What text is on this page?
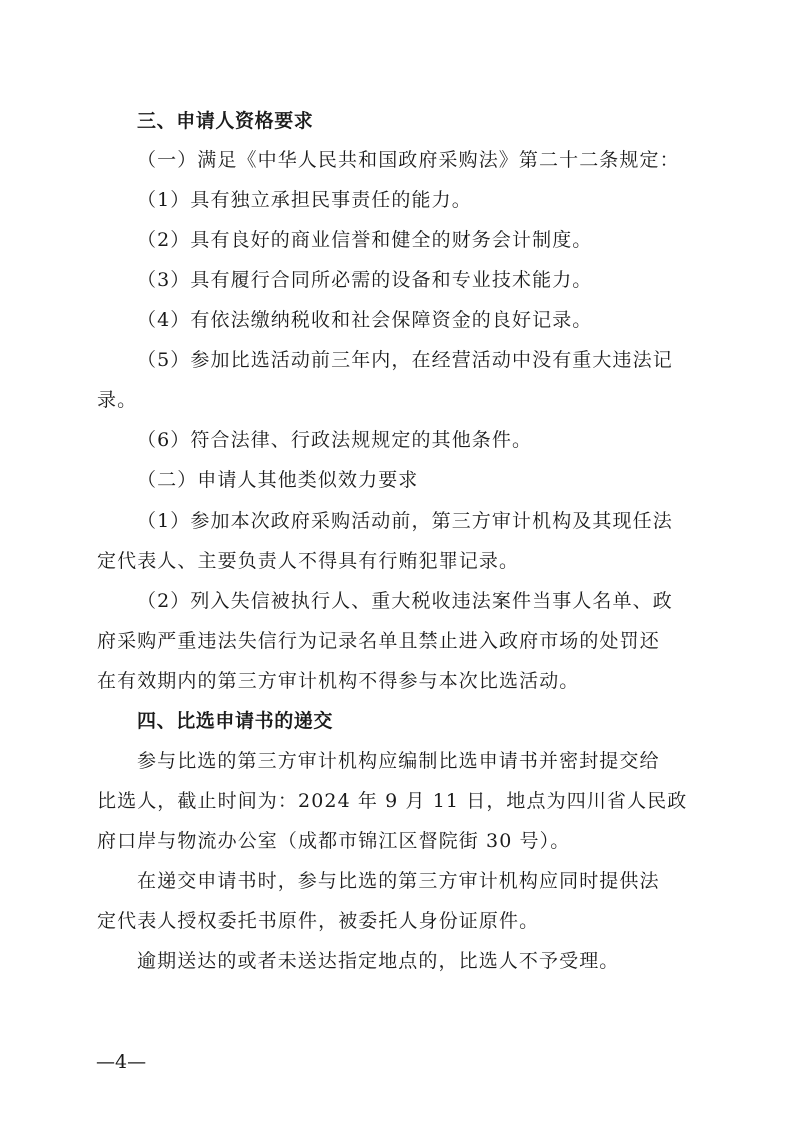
三、申请人资格要求
（一）满足《中华人民共和国政府采购法》第二十二条规定：
（1）具有独立承担民事责任的能力。
（2）具有良好的商业信誉和健全的财务会计制度。
（3）具有履行合同所必需的设备和专业技术能力。
（4）有依法缴纳税收和社会保障资金的良好记录。
（5）参加比选活动前三年内，在经营活动中没有重大违法记
录。
（6）符合法律、行政法规规定的其他条件。
（二）申请人其他类似效力要求
（1）参加本次政府采购活动前，第三方审计机构及其现任法
定代表人、主要负责人不得具有行贿犯罪记录。
（2）列入失信被执行人、重大税收违法案件当事人名单、政
府采购严重违法失信行为记录名单且禁止进入政府市场的处罚还
在有效期内的第三方审计机构不得参与本次比选活动。
四、比选申请书的递交
参与比选的第三方审计机构应编制比选申请书并密封提交给
比选人，截止时间为：2024 年 9 月 11 日，地点为四川省人民政
府口岸与物流办公室（成都市锦江区督院街 30 号）。
在递交申请书时，参与比选的第三方审计机构应同时提供法
定代表人授权委托书原件，被委托人身份证原件。
逾期送达的或者未送达指定地点的，比选人不予受理。
—4—
